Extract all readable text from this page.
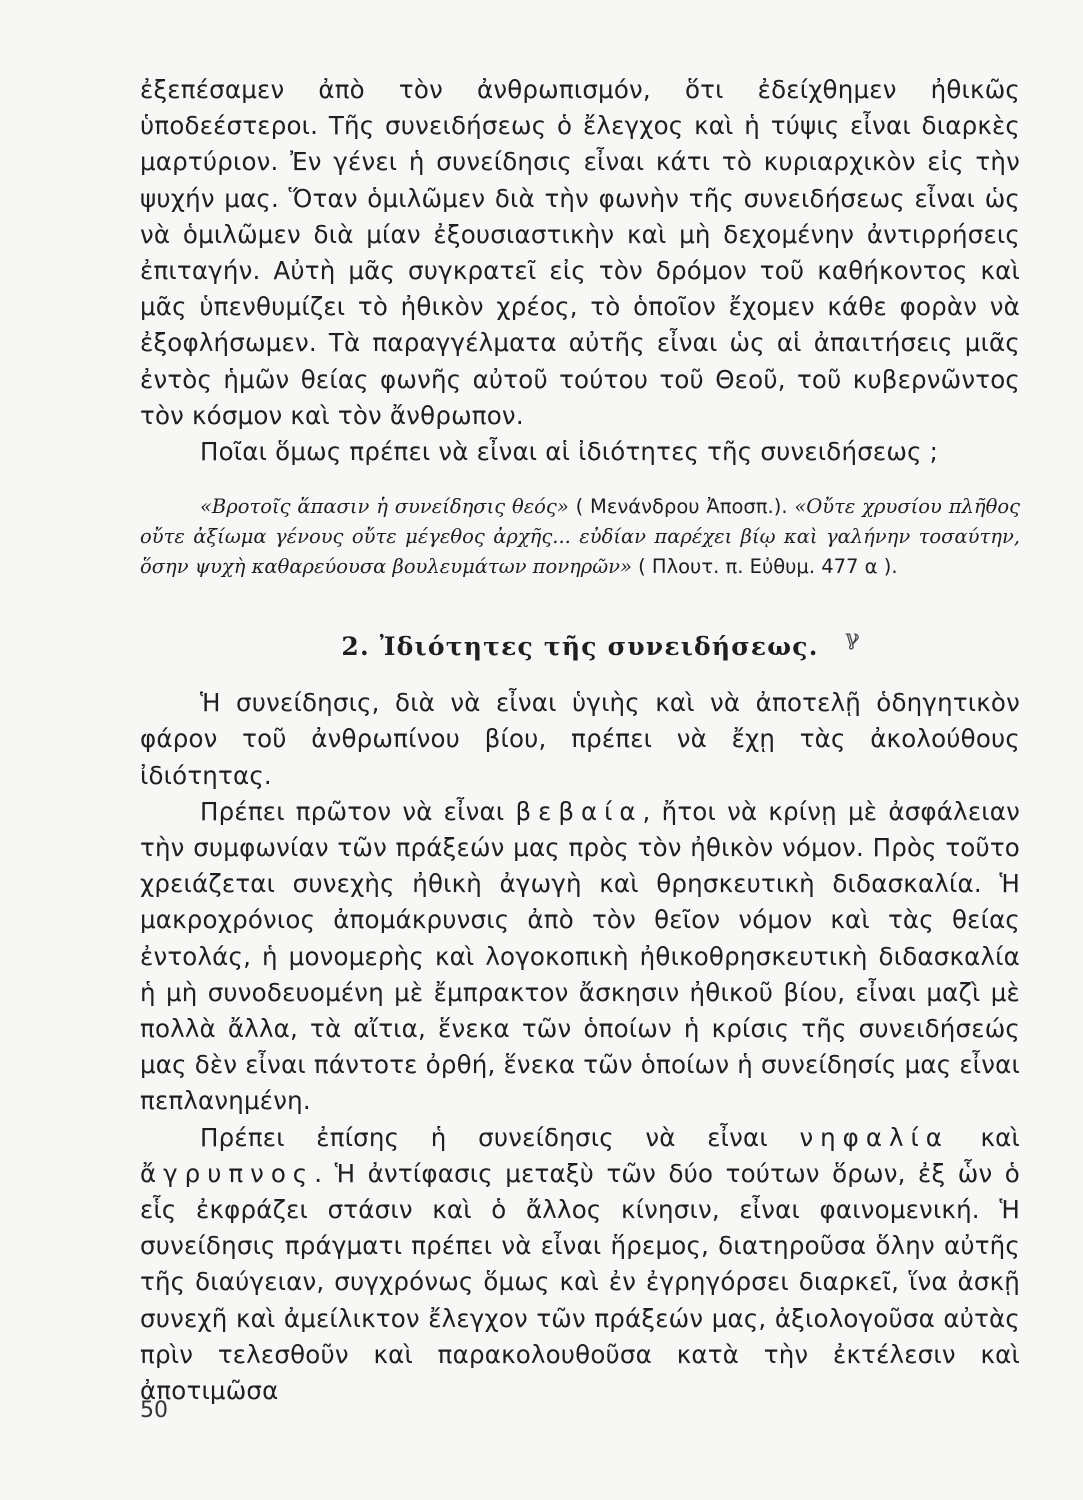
ἐξεπέσαμεν ἀπὸ τὸν ἀνθρωπισμόν, ὅτι ἐδείχθημεν ἠθικῶς ὑποδεέστεροι. Τῆς συνειδήσεως ὁ ἔλεγχος καὶ ἡ τύψις εἶναι διαρκὲς μαρτύριον. Ἐν γένει ἡ συνείδησις εἶναι κάτι τὸ κυριαρχικὸν εἰς τὴν ψυχήν μας. Ὅταν ὁμιλῶμεν διὰ τὴν φωνὴν τῆς συνειδήσεως εἶναι ὡς νὰ ὁμιλῶμεν διὰ μίαν ἐξουσιαστικὴν καὶ μὴ δεχομένην ἀντιρρήσεις ἐπιταγήν. Αὐτὴ μᾶς συγκρατεῖ εἰς τὸν δρόμον τοῦ καθήκοντος καὶ μᾶς ὑπενθυμίζει τὸ ἠθικὸν χρέος, τὸ ὁποῖον ἔχομεν κάθε φορὰν νὰ ἐξοφλήσωμεν. Τὰ παραγγέλματα αὐτῆς εἶναι ὡς αἱ ἀπαιτήσεις μιᾶς ἐντὸς ἡμῶν θείας φωνῆς αὐτοῦ τούτου τοῦ Θεοῦ, τοῦ κυβερνῶντος τὸν κόσμον καὶ τὸν ἄνθρωπον.

Ποῖαι ὅμως πρέπει νὰ εἶναι αἱ ἰδιότητες τῆς συνειδήσεως ;

«Βροτοῖς ἅπασιν ἡ συνείδησις θεός» ( Μενάνδρου Ἀποσπ.). «Οὔτε χρυσίου πλῆθος οὔτε ἀξίωμα γένους οὔτε μέγεθος ἀρχῆς... εὐδίαν παρέχει βίῳ καὶ γαλήνην τοσαύτην, ὅσην ψυχὴ καθαρεύουσα βουλευμάτων πονηρῶν» ( Πλουτ. π. Εὐθυμ. 477 α ).

2. Ἰδιότητες τῆς συνειδήσεως. ℽ

Ἡ συνείδησις, διὰ νὰ εἶναι ὑγιὴς καὶ νὰ ἀποτελῇ ὁδηγητικὸν φάρον τοῦ ἀνθρωπίνου βίου, πρέπει νὰ ἔχῃ τὰς ἀκολούθους ἰδιότητας.

Πρέπει πρῶτον νὰ εἶναι βεβαία, ἤτοι νὰ κρίνῃ μὲ ἀσφάλειαν τὴν συμφωνίαν τῶν πράξεών μας πρὸς τὸν ἠθικὸν νόμον. Πρὸς τοῦτο χρειάζεται συνεχὴς ἠθικὴ ἀγωγὴ καὶ θρησκευτικὴ διδασκαλία. Ἡ μακροχρόνιος ἀπομάκρυνσις ἀπὸ τὸν θεῖον νόμον καὶ τὰς θείας ἐντολάς, ἡ μονομερὴς καὶ λογοκοπικὴ ἠθικοθρησκευτικὴ διδασκαλία ἡ μὴ συνοδευομένη μὲ ἔμπρακτον ἄσκησιν ἠθικοῦ βίου, εἶναι μαζὶ μὲ πολλὰ ἄλλα, τὰ αἴτια, ἕνεκα τῶν ὁποίων ἡ κρίσις τῆς συνειδήσεώς μας δὲν εἶναι πάντοτε ὀρθή, ἕνεκα τῶν ὁποίων ἡ συνείδησίς μας εἶναι πεπλανημένη.

Πρέπει ἐπίσης ἡ συνείδησις νὰ εἶναι νηφαλία καὶ ἄγρυπνος. Ἡ ἀντίφασις μεταξὺ τῶν δύο τούτων ὅρων, ἐξ ὧν ὁ εἷς ἐκφράζει στάσιν καὶ ὁ ἄλλος κίνησιν, εἶναι φαινομενική. Ἡ συνείδησις πράγματι πρέπει νὰ εἶναι ἥρεμος, διατηροῦσα ὅλην αὐτῆς τῆς διαύγειαν, συγχρόνως ὅμως καὶ ἐν ἐγρηγόρσει διαρκεῖ, ἵνα ἀσκῇ συνεχῆ καὶ ἀμείλικτον ἔλεγχον τῶν πράξεών μας, ἀξιολογοῦσα αὐτὰς πρὶν τελεσθοῦν καὶ παρακολουθοῦσα κατὰ τὴν ἐκτέλεσιν καὶ ἀποτιμῶσα

50
